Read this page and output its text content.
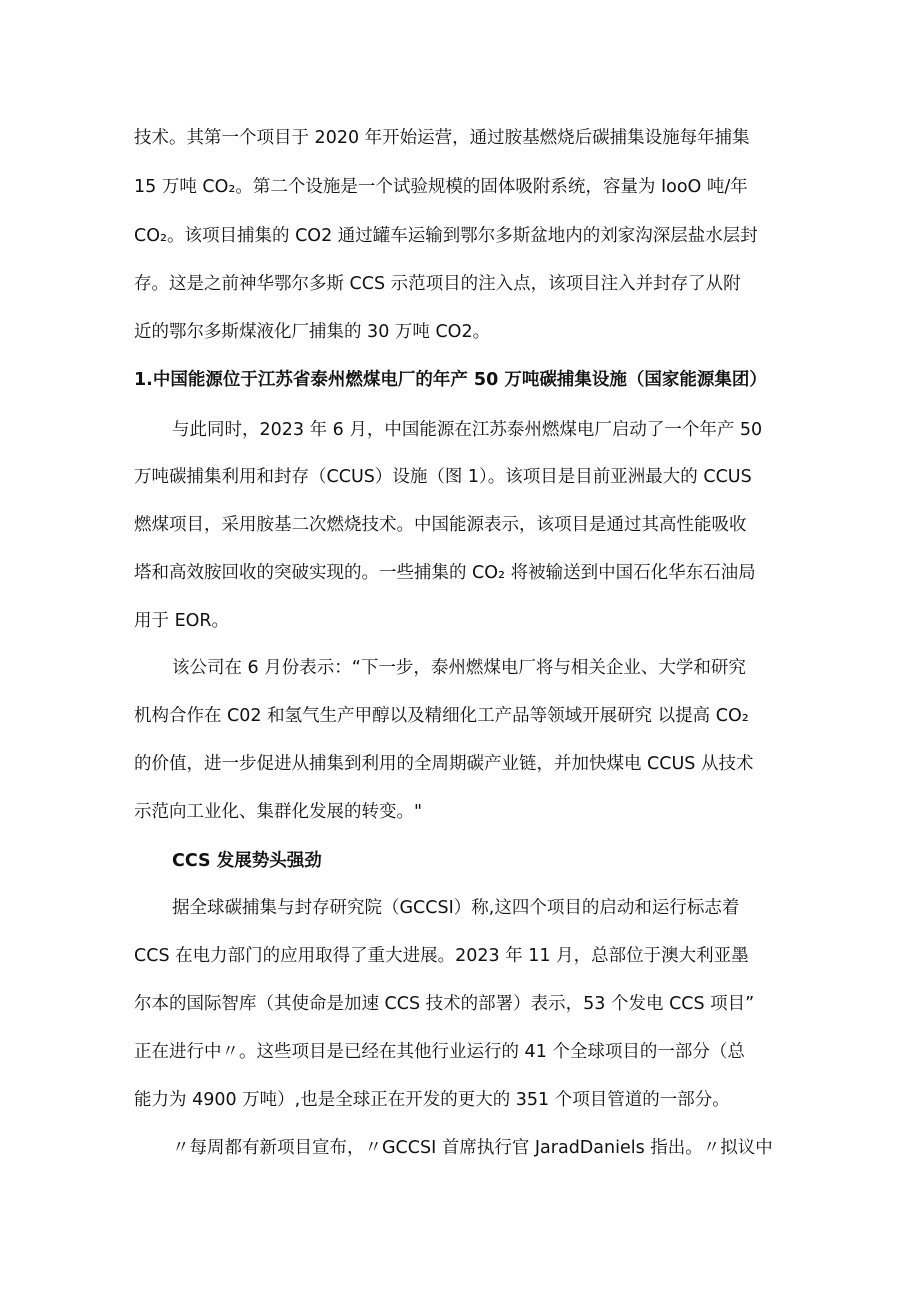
技术。其第一个项目于 2020 年开始运营，通过胺基燃烧后碳捕集设施每年捕集
15 万吨 CO₂。第二个设施是一个试验规模的固体吸附系统，容量为 IooO 吨/年
CO₂。该项目捕集的 CO2 通过罐车运输到鄂尔多斯盆地内的刘家沟深层盐水层封
存。这是之前神华鄂尔多斯 CCS 示范项目的注入点，该项目注入并封存了从附
近的鄂尔多斯煤液化厂捕集的 30 万吨 CO2。
1.中国能源位于江苏省泰州燃煤电厂的年产 50 万吨碳捕集设施（国家能源集团）
与此同时，2023 年 6 月，中国能源在江苏泰州燃煤电厂启动了一个年产 50
万吨碳捕集利用和封存（CCUS）设施（图 1）。该项目是目前亚洲最大的 CCUS
燃煤项目，采用胺基二次燃烧技术。中国能源表示，该项目是通过其高性能吸收
塔和高效胺回收的突破实现的。一些捕集的 CO₂ 将被输送到中国石化华东石油局
用于 EOR。
该公司在 6 月份表示：“下一步，泰州燃煤电厂将与相关企业、大学和研究
机构合作在 C02 和氢气生产甲醇以及精细化工产品等领域开展研究 以提高 CO₂
的价值，进一步促进从捕集到利用的全周期碳产业链，并加快煤电 CCUS 从技术
示范向工业化、集群化发展的转变。"
CCS 发展势头强劲
据全球碳捕集与封存研究院（GCCSI）称,这四个项目的启动和运行标志着
CCS 在电力部门的应用取得了重大进展。2023 年 11 月，总部位于澳大利亚墨
尔本的国际智库（其使命是加速 CCS 技术的部署）表示，53 个发电 CCS 项目”
正在进行中〃。这些项目是已经在其他行业运行的 41 个全球项目的一部分（总
能力为 4900 万吨）,也是全球正在开发的更大的 351 个项目管道的一部分。
〃每周都有新项目宣布，〃GCCSI 首席执行官 JaradDaniels 指出。〃拟议中
